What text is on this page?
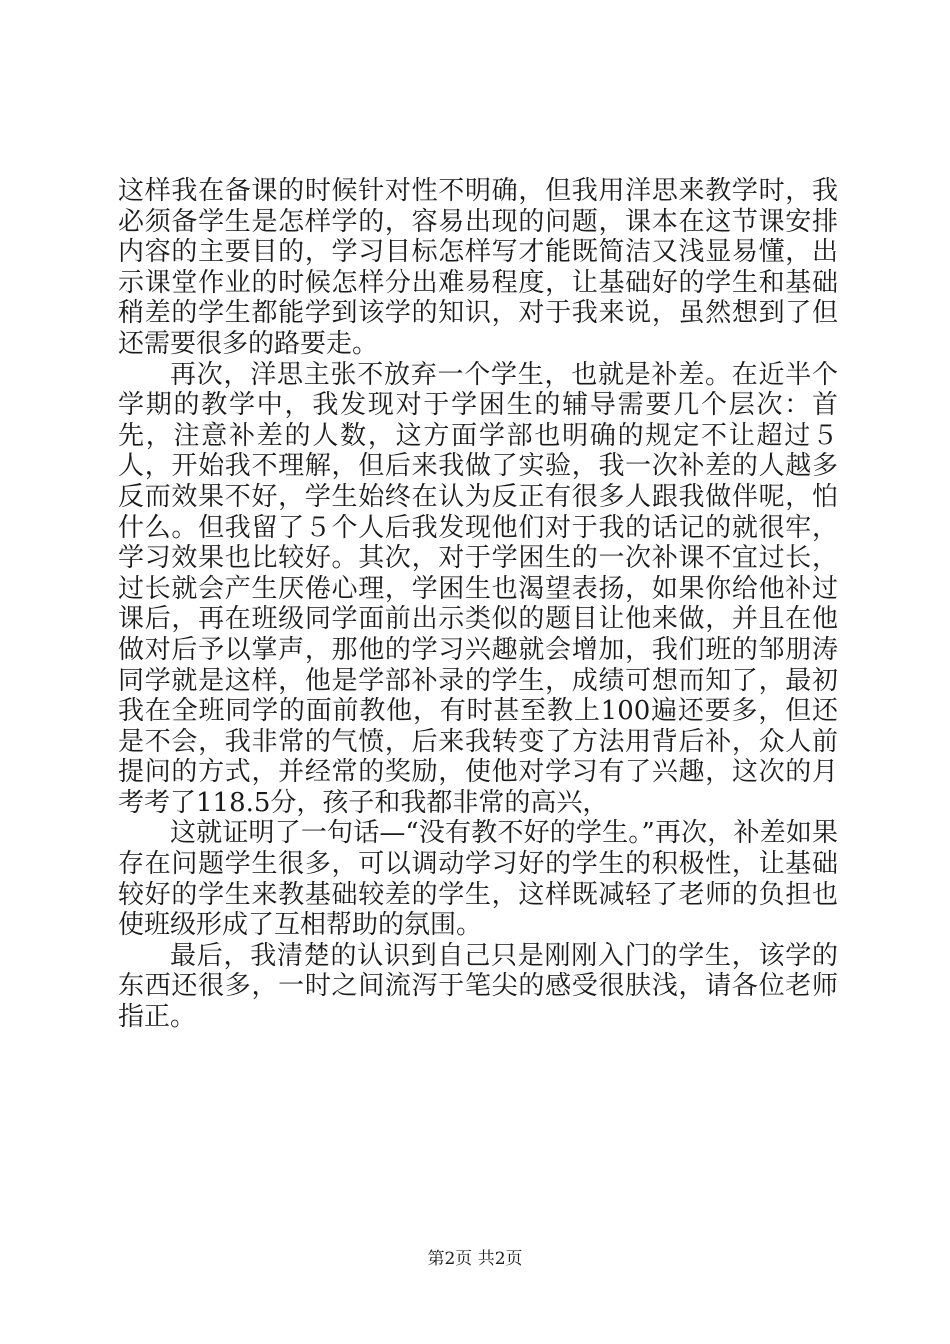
这样我在备课的时候针对性不明确，但我用洋思来教学时，我必须备学生是怎样学的，容易出现的问题，课本在这节课安排内容的主要目的，学习目标怎样写才能既简洁又浅显易懂，出示课堂作业的时候怎样分出难易程度，让基础好的学生和基础稍差的学生都能学到该学的知识，对于我来说，虽然想到了但还需要很多的路要走。

再次，洋思主张不放弃一个学生，也就是补差。在近半个学期的教学中，我发现对于学困生的辅导需要几个层次：首先，注意补差的人数，这方面学部也明确的规定不让超过５人，开始我不理解，但后来我做了实验，我一次补差的人越多反而效果不好，学生始终在认为反正有很多人跟我做伴呢，怕什么。但我留了５个人后我发现他们对于我的话记的就很牢，学习效果也比较好。其次，对于学困生的一次补课不宜过长，过长就会产生厌倦心理，学困生也渴望表扬，如果你给他补过课后，再在班级同学面前出示类似的题目让他来做，并且在他做对后予以掌声，那他的学习兴趣就会增加，我们班的邹朋涛同学就是这样，他是学部补录的学生，成绩可想而知了，最初我在全班同学的面前教他，有时甚至教上100遍还要多，但还是不会，我非常的气愤，后来我转变了方法用背后补，众人前提问的方式，并经常的奖励，使他对学习有了兴趣，这次的月考考了118.5分，孩子和我都非常的高兴，

这就证明了一句话—“没有教不好的学生。”再次，补差如果存在问题学生很多，可以调动学习好的学生的积极性，让基础较好的学生来教基础较差的学生，这样既减轻了老师的负担也使班级形成了互相帮助的氛围。

最后，我清楚的认识到自己只是刚刚入门的学生，该学的东西还很多，一时之间流泻于笔尖的感受很肤浅，请各位老师指正。

第2页 共2页
